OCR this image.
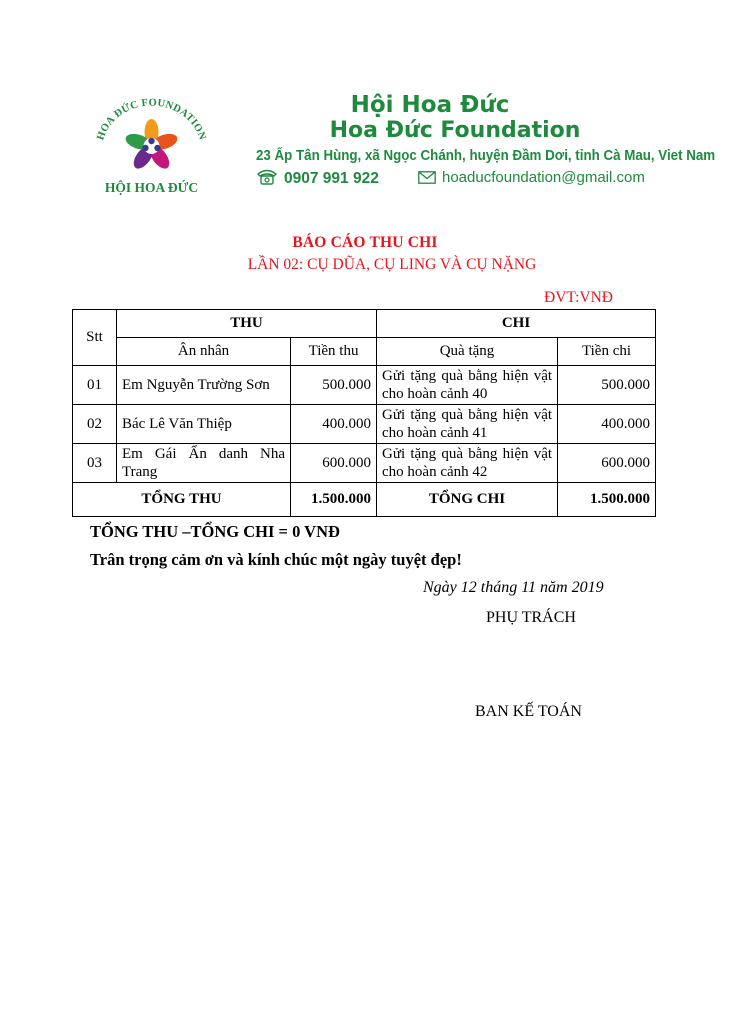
HOA ĐỨC FOUNDATION
HỘI HOA ĐỨC
Hội Hoa Đức
Hoa Đức Foundation
23 Ấp Tân Hùng, xã Ngọc Chánh, huyện Đầm Dơi, tỉnh Cà Mau, Viet Nam
0907 991 922	hoaducfoundation@gmail.com
BÁO CÁO THU CHI
LẦN 02: CỤ DŨA, CỤ LING VÀ CỤ NẶNG
ĐVT:VNĐ
Stt	THU		CHI	
	Ân nhân	Tiền thu	Quà tặng	Tiền chi
01	Em Nguyễn Trường Sơn	500.000	Gửi tặng quà bằng hiện vật cho hoàn cảnh 40	500.000
02	Bác Lê Văn Thiệp	400.000	Gửi tặng quà bằng hiện vật cho hoàn cảnh 41	400.000
03	Em Gái Ẩn danh Nha Trang	600.000	Gửi tặng quà bằng hiện vật cho hoàn cảnh 42	600.000
TỔNG THU		1.500.000	TỔNG CHI	1.500.000
TỔNG THU –TỔNG CHI = 0 VNĐ
Trân trọng cảm ơn và kính chúc một ngày tuyệt đẹp!
Ngày 12 tháng 11 năm 2019
PHỤ TRÁCH
BAN KẾ TOÁN
